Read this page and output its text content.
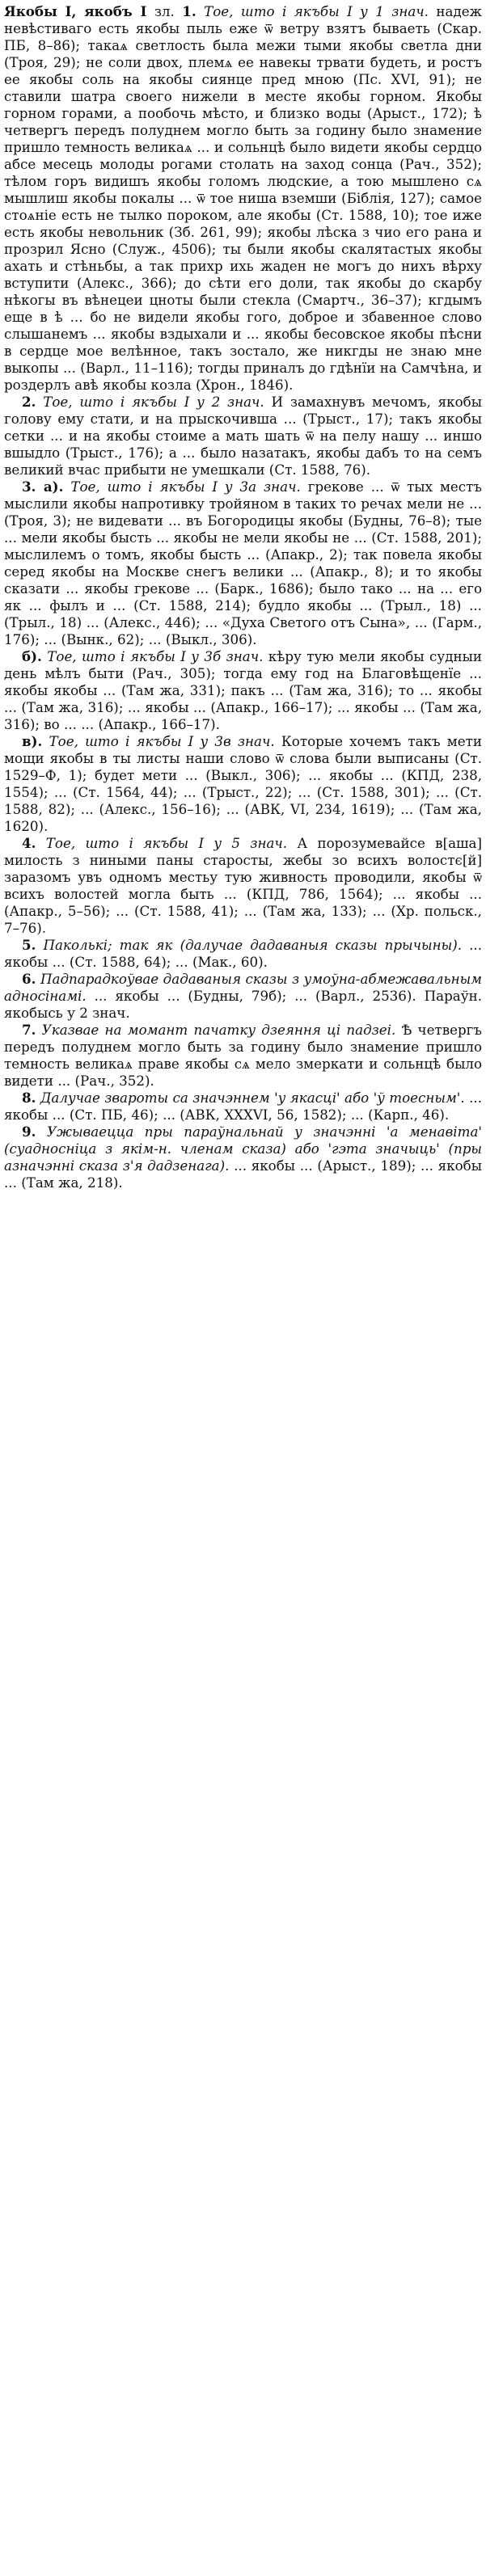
Якобы I, якобъ I зл. 1. Тое, што і якъбы I у 1 знач. надеж невѣстиваго есть якобы пыль еже ѿ ветру взятъ бываеть (Скар. ПБ, 8–86); такаѧ светлость была межи тыми якобы светла дни (Троя, 29); не соли двох, племѧ ее навекы трвати будеть, и ростъ ее якобы соль на якобы сиянце пред мною (Пс. XVI, 91); не ставили шатра своего нижели в месте якобы горном. Якобы горном горами, а пообочь мѣсто, и близко воды (Арыст., 172); ѣ четвергъ передъ полуднем могло быть за годину было знамение пришло темность великаѧ ... и сольнцѣ было видети якобы сердцо абсе месець молоды рогами столать на заход сонца (Рач., 352); тѣлом горъ видишъ якобы голомъ людские, а тою мышлено сѧ мышлиш якобы покалы ... ѿ тое ниша вземши (Біблія, 127); самое стоѧніе есть не тылко пороком, але якобы (Ст. 1588, 10); тое иже есть якобы невольник (Зб. 261, 99); якобы лѣска з чио его рана и прозрил Ясно (Служ., 4506); ты были якобы скалятастых якобы ахать и стѣньбы, а так прихр ихь жаден не могъ до нихъ вѣрху вступити (Алекс., 366); до сѣти его доли, так якобы до скарбу нѣкогы въ вѣнецеи цноты были стекла (Смартч., 36–37); кгдымъ еще в ѣ ... бо не видели якобы гого, доброе и збавенное слово слышанемъ ... якобы вздыхали и ... якобы бесовское якобы пѣсни в сердце мое велѣнное, такъ зостало, же никгды не знаю мне выкопы ... (Варл., 11–116); тогды приналъ до гдѣнїи на Самчѣна, и роздерлъ авѣ якобы козла (Хрон., 1846).

2. Тое, што і якъбы I у 2 знач. И замахнувъ мечомъ, якобы голову ему стати, и на прыскочивша ... (Трыст., 17); такъ якобы сетки ... и на якобы стоиме а мать шать ѿ на пелу нашу ... иншо вшыдло (Трыст., 176); а ... было назатакъ, якобы дабъ то на семъ великий вчас прибыти не умешкали (Ст. 1588, 76).

3. а). Тое, што і якъбы I у 3а знач. грекове ... ѿ тых местъ мыслили якобы напротивку тройяном в таких то речах мели не ... (Троя, 3); не видевати ... въ Богородицы якобы (Будны, 76–8); тые ... мели якобы бысть ... якобы не мели якобы не ... (Ст. 1588, 201); мыслилемъ о томъ, якобы бысть ... (Апакр., 2); так повела якобы серед якобы на Москве снегъ велики ... (Апакр., 8); и то якобы сказати ... якобы грекове ... (Барк., 1686); было тако ... на ... его як ... фылъ и ... (Ст. 1588, 214); будло якобы ... (Трыл., 18) ... (Трыл., 18) ... (Алекс., 446); ... «Духа Светого отъ Сына», ... (Гарм., 176); ... (Вынк., 62); ... (Выкл., 306).

б). Тое, што і якъбы I у 3б знач. кѣру тую мели якобы судныи день мѣлъ быти (Рач., 305); тогда ему год на Благовѣщенїе ... якобы якобы ... (Там жа, 331); пакъ ... (Там жа, 316); то ... якобы ... (Там жа, 316); ... якобы ... (Апакр., 166–17); ... якобы ... (Там жа, 316); во ... ... (Апакр., 166–17).

в). Тое, што і якъбы I у 3в знач. Которые хочемъ такъ мети мощи якобы в ты листы наши слово ѿ слова были выписаны (Ст. 1529–Ф, 1); будет мети ... (Выкл., 306); ... якобы ... (КПД, 238, 1554); ... (Ст. 1564, 44); ... (Трыст., 22); ... (Ст. 1588, 301); ... (Ст. 1588, 82); ... (Алекс., 156–16); ... (АВК, VI, 234, 1619); ... (Там жа, 1620).

4. Тое, што і якъбы I у 5 знач. А порозумевайсе в[аша] милость з ниными паны старосты, жебы зо всихъ волостє[й] заразомъ увъ одномъ местьу тую живность проводили, якобы ѿ всихъ волостей могла быть ... (КПД, 786, 1564); ... якобы ... (Апакр., 5–56); ... (Ст. 1588, 41); ... (Там жа, 133); ... (Хр. польск., 7–76).

5. Паколькі; так як (далучае дадаваныя сказы прычыны). ... якобы ... (Ст. 1588, 64); ... (Мак., 60).

6. Падпарадкоўвае дадаваныя сказы з умоўна-абмежавальным адносінамі. ... якобы ... (Будны, 79б); ... (Варл., 2536). Параўн. якобысь у 2 знач.

7. Указвае на момант пачатку дзеяння ці падзеі. Ѣ четвергъ передъ полуднем могло быть за годину было знамение пришло темность великаѧ праве якобы сѧ мело змеркати и сольнцѣ было видети ... (Рач., 352).

8. Далучае звароты са значэннем 'у якасці' або 'ў тоесным'. ... якобы ... (Ст. ПБ, 46); ... (АВК, XXXVI, 56, 1582); ... (Карп., 46).

9. Ужываецца пры параўнальнай у значэнні 'а менавіта' (суадносніца з якім-н. членам сказа) або 'гэта значыць' (пры азначэнні сказа з'я дадзенага). ... якобы ... (Арыст., 189); ... якобы ... (Там жа, 218).
